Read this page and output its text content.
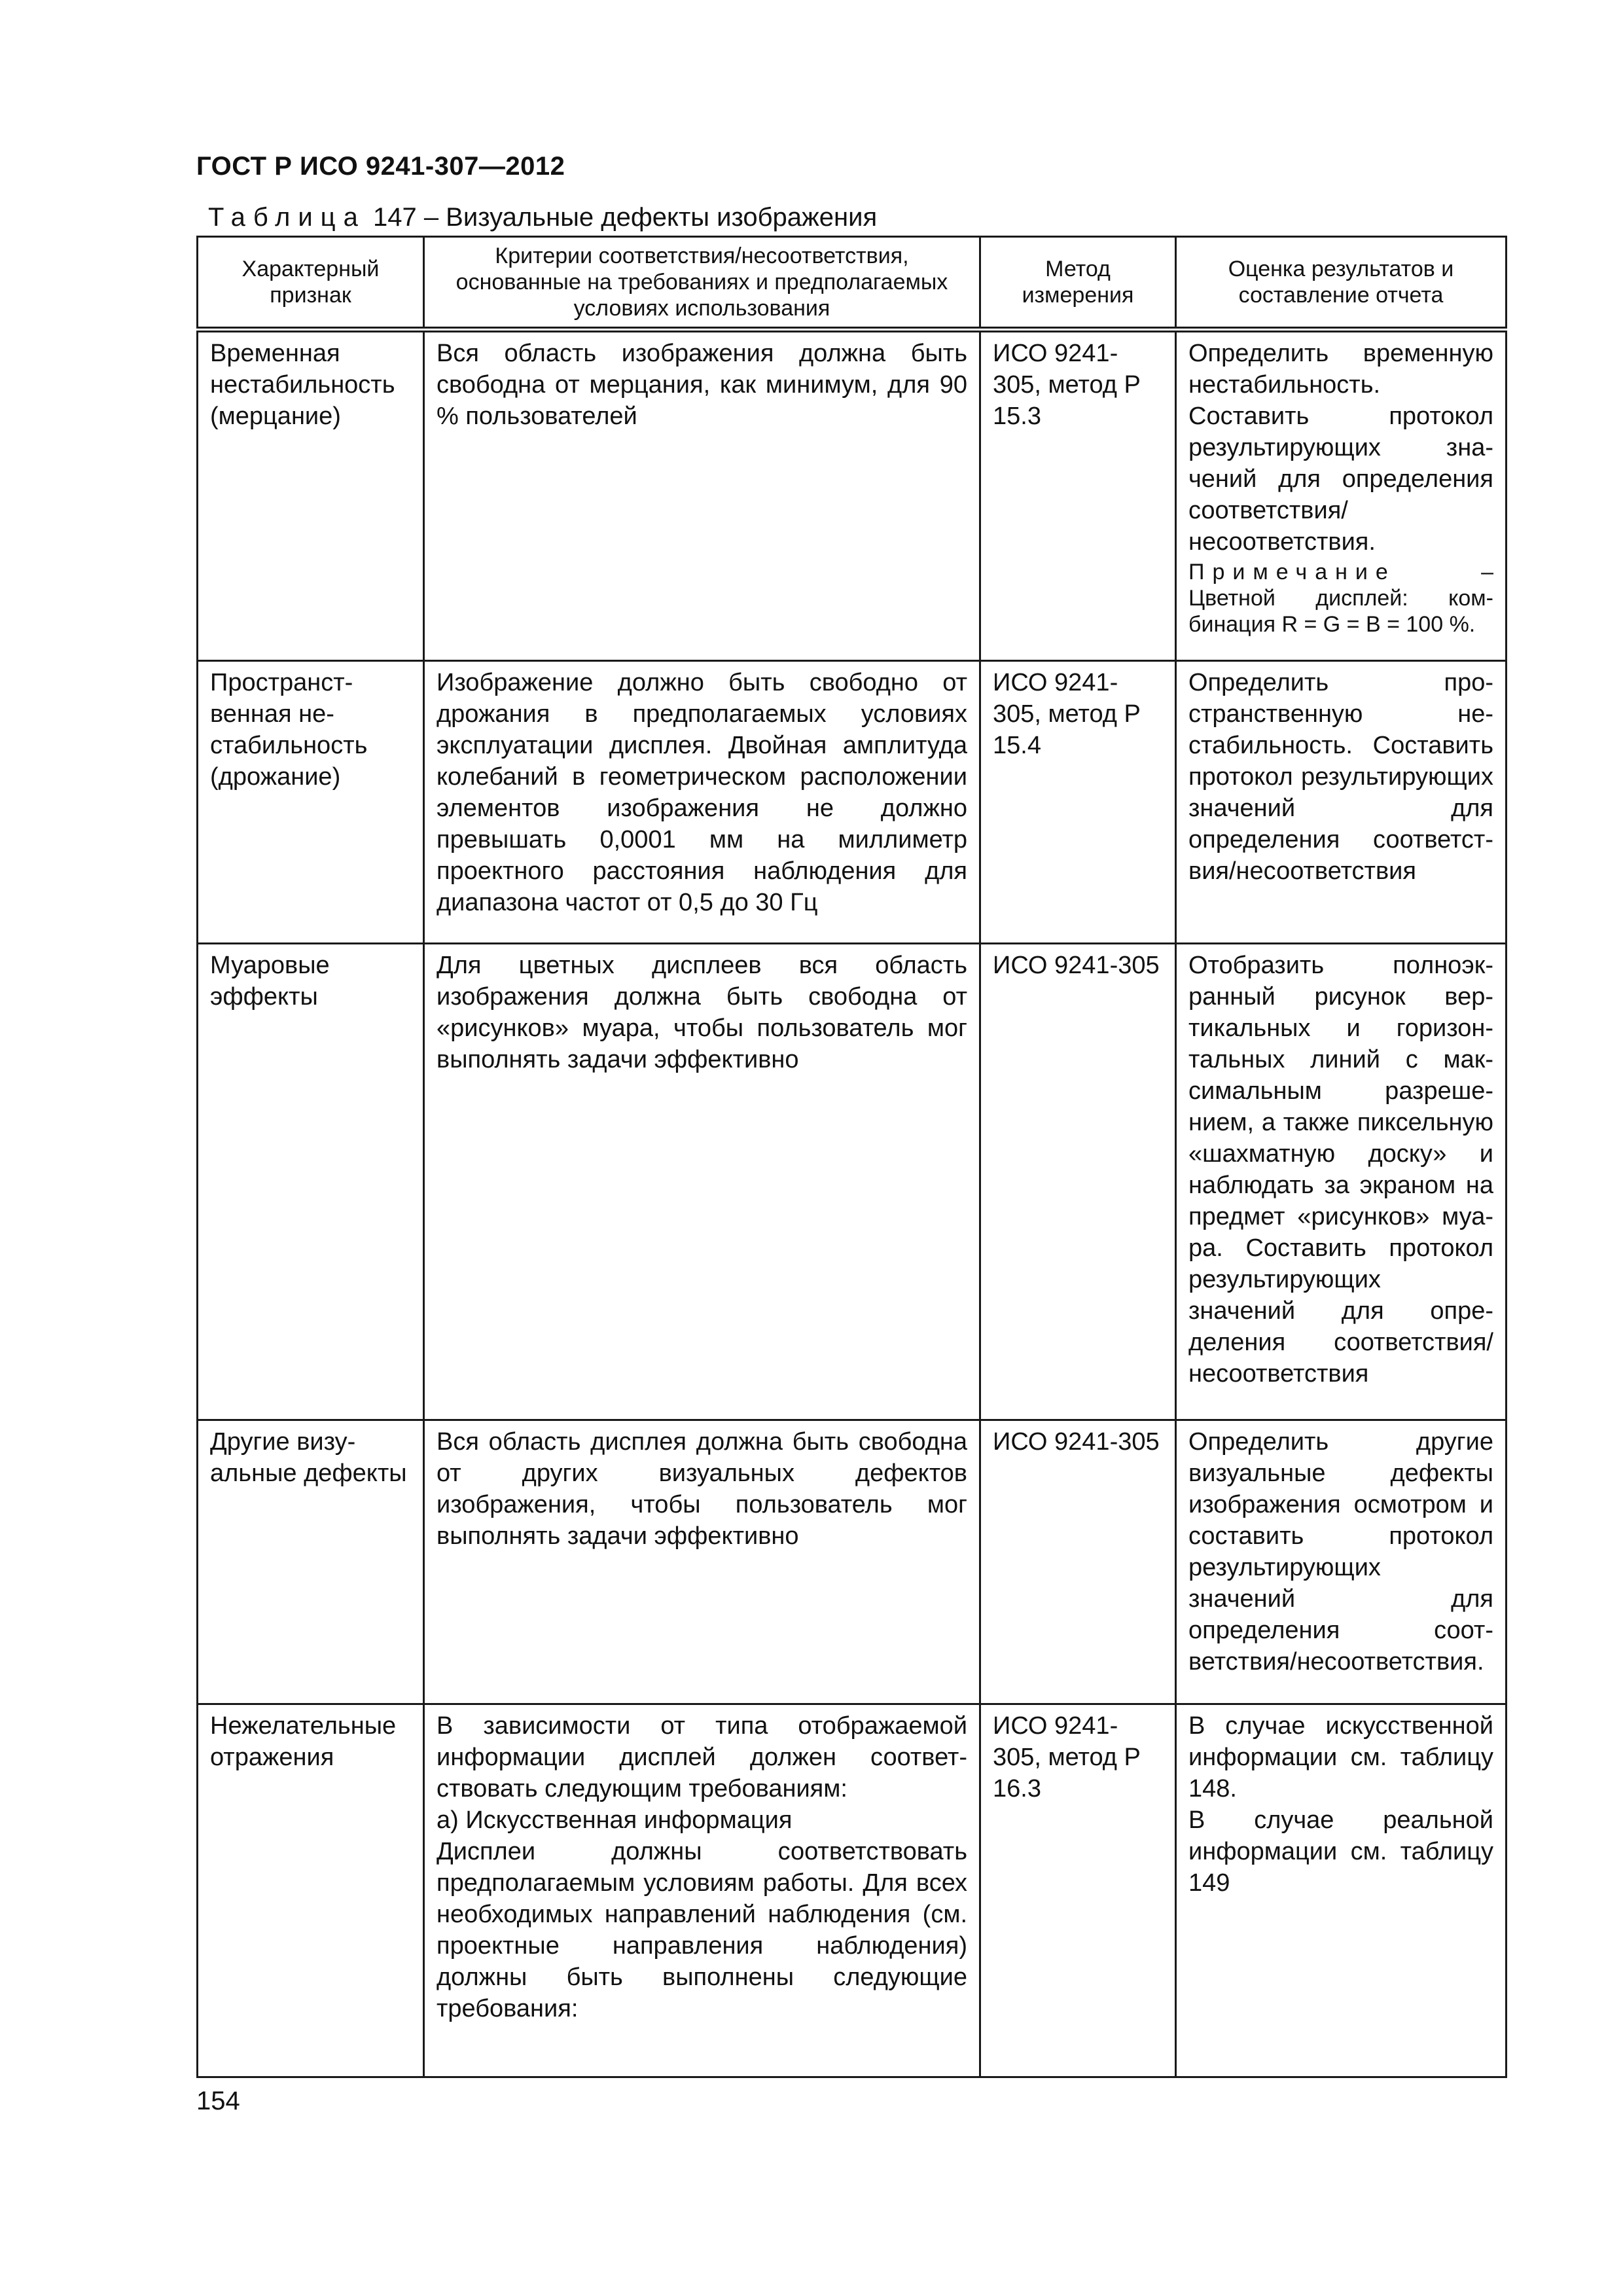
ГОСТ Р ИСО 9241-307—2012
Таблица 147 – Визуальные дефекты изображения
Характерный признак	Критерии соответствия/несоответствия, основанные на требованиях и предполагаемых условиях использования	Метод измерения	Оценка результатов и составление отчета
Временная нестабильность (мерцание)	Вся область изображения должна быть свободна от мерцания, как минимум, для 90 % пользователей	ИСО 9241-305, метод Р 15.3	Определить временную нестабильность. Составить протокол результирующих значений для определения соответствия/несоответствия.
Примечание – Цветной дисплей: комбинация R = G = B = 100 %.

Пространственная нестабильность (дрожание)	Изображение должно быть свободно от дрожания в предполагаемых условиях эксплуатации дисплея. Двойная амплитуда колебаний в геометрическом расположении элементов изображения не должно превышать 0,0001 мм на миллиметр проектного расстояния наблюдения для диапазона частот от 0,5 до 30 Гц	ИСО 9241-305, метод Р 15.4	Определить пространственную нестабильность. Составить протокол результирующих значений для определения соответствия/несоответствия
Муаровые эффекты	Для цветных дисплеев вся область изображения должна быть свободна от «рисунков» муара, чтобы пользователь мог выполнять задачи эффективно	ИСО 9241-305	Отобразить полноэкранный рисунок вертикальных и горизонтальных линий с максимальным разрешением, а также пиксельную «шахматную доску» и наблюдать за экраном на предмет «рисунков» муара. Составить протокол результирующих значений для определения соответствия/несоответствия
Другие визуальные дефекты	Вся область дисплея должна быть свободна от других визуальных дефектов изображения, чтобы пользователь мог выполнять задачи эффективно	ИСО 9241-305	Определить другие визуальные дефекты изображения осмотром и составить протокол результирующих значений для определения соответствия/несоответствия.
Нежелательные отражения	В зависимости от типа отображаемой информации дисплей должен соответствовать следующим требованиям:
а) Искусственная информация
Дисплеи должны соответствовать предполагаемым условиям работы. Для всех необходимых направлений наблюдения (см. проектные направления наблюдения) должны быть выполнены следующие требования:	ИСО 9241-305, метод Р 16.3	В случае искусственной информации см. таблицу 148.
В случае реальной информации см. таблицу 149
154
